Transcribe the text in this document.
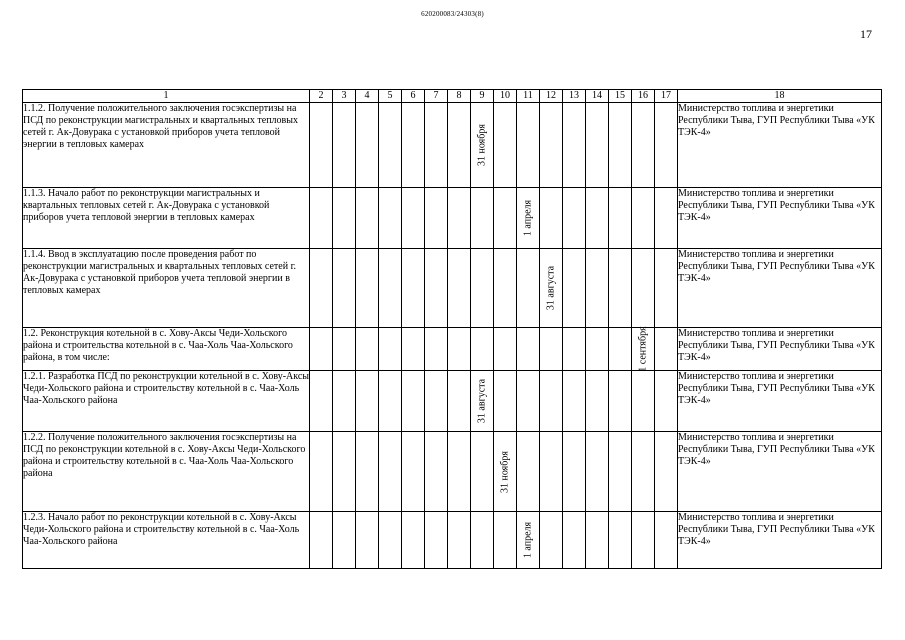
620200083/24303(8)
17
1	2	3	4	5	6	7	8	9	10	11	12	13	14	15	16	17	18
1.1.2. Получение положительного заключения госэкспертизы на ПСД по реконструкции магистральных и квартальных тепловых сетей г. Ак-Довурака с установкой приборов учета тепловой энергии в тепловых камерах								31 ноября									Министерство топлива и энергетики Республики Тыва, ГУП Республики Тыва «УК ТЭК-4»
1.1.3. Начало работ по реконструкции магистральных и квартальных тепловых сетей г. Ак-Довурака с установкой приборов учета тепловой энергии в тепловых камерах										1 апреля							Министерство топлива и энергетики Республики Тыва, ГУП Республики Тыва «УК ТЭК-4»
1.1.4. Ввод в эксплуатацию после проведения работ по реконструкции магистральных и квартальных тепловых сетей г. Ак-Довурака с установкой приборов учета тепловой энергии в тепловых камерах											31 августа						Министерство топлива и энергетики Республики Тыва, ГУП Республики Тыва «УК ТЭК-4»
1.2. Реконструкция котельной в с. Хову-Аксы Чеди-Хольского района и строительства котельной в с. Чаа-Холь Чаа-Хольского района, в том числе:															1 сентября		Министерство топлива и энергетики Республики Тыва, ГУП Республики Тыва «УК ТЭК-4»
1.2.1. Разработка ПСД по реконструкции котельной в с. Хову-Аксы Чеди-Хольского района и строительству котельной в с. Чаа-Холь Чаа-Хольского района								31 августа									Министерство топлива и энергетики Республики Тыва, ГУП Республики Тыва «УК ТЭК-4»
1.2.2. Получение положительного заключения госэкспертизы на ПСД по реконструкции котельной в с. Хову-Аксы Чеди-Хольского района и строительству котельной в с. Чаа-Холь Чаа-Хольского района									31 ноября								Министерство топлива и энергетики Республики Тыва, ГУП Республики Тыва «УК ТЭК-4»
1.2.3. Начало работ по реконструкции котельной в с. Хову-Аксы Чеди-Хольского района и строительству котельной в с. Чаа-Холь Чаа-Хольского района										1 апреля							Министерство топлива и энергетики Республики Тыва, ГУП Республики Тыва «УК ТЭК-4»
